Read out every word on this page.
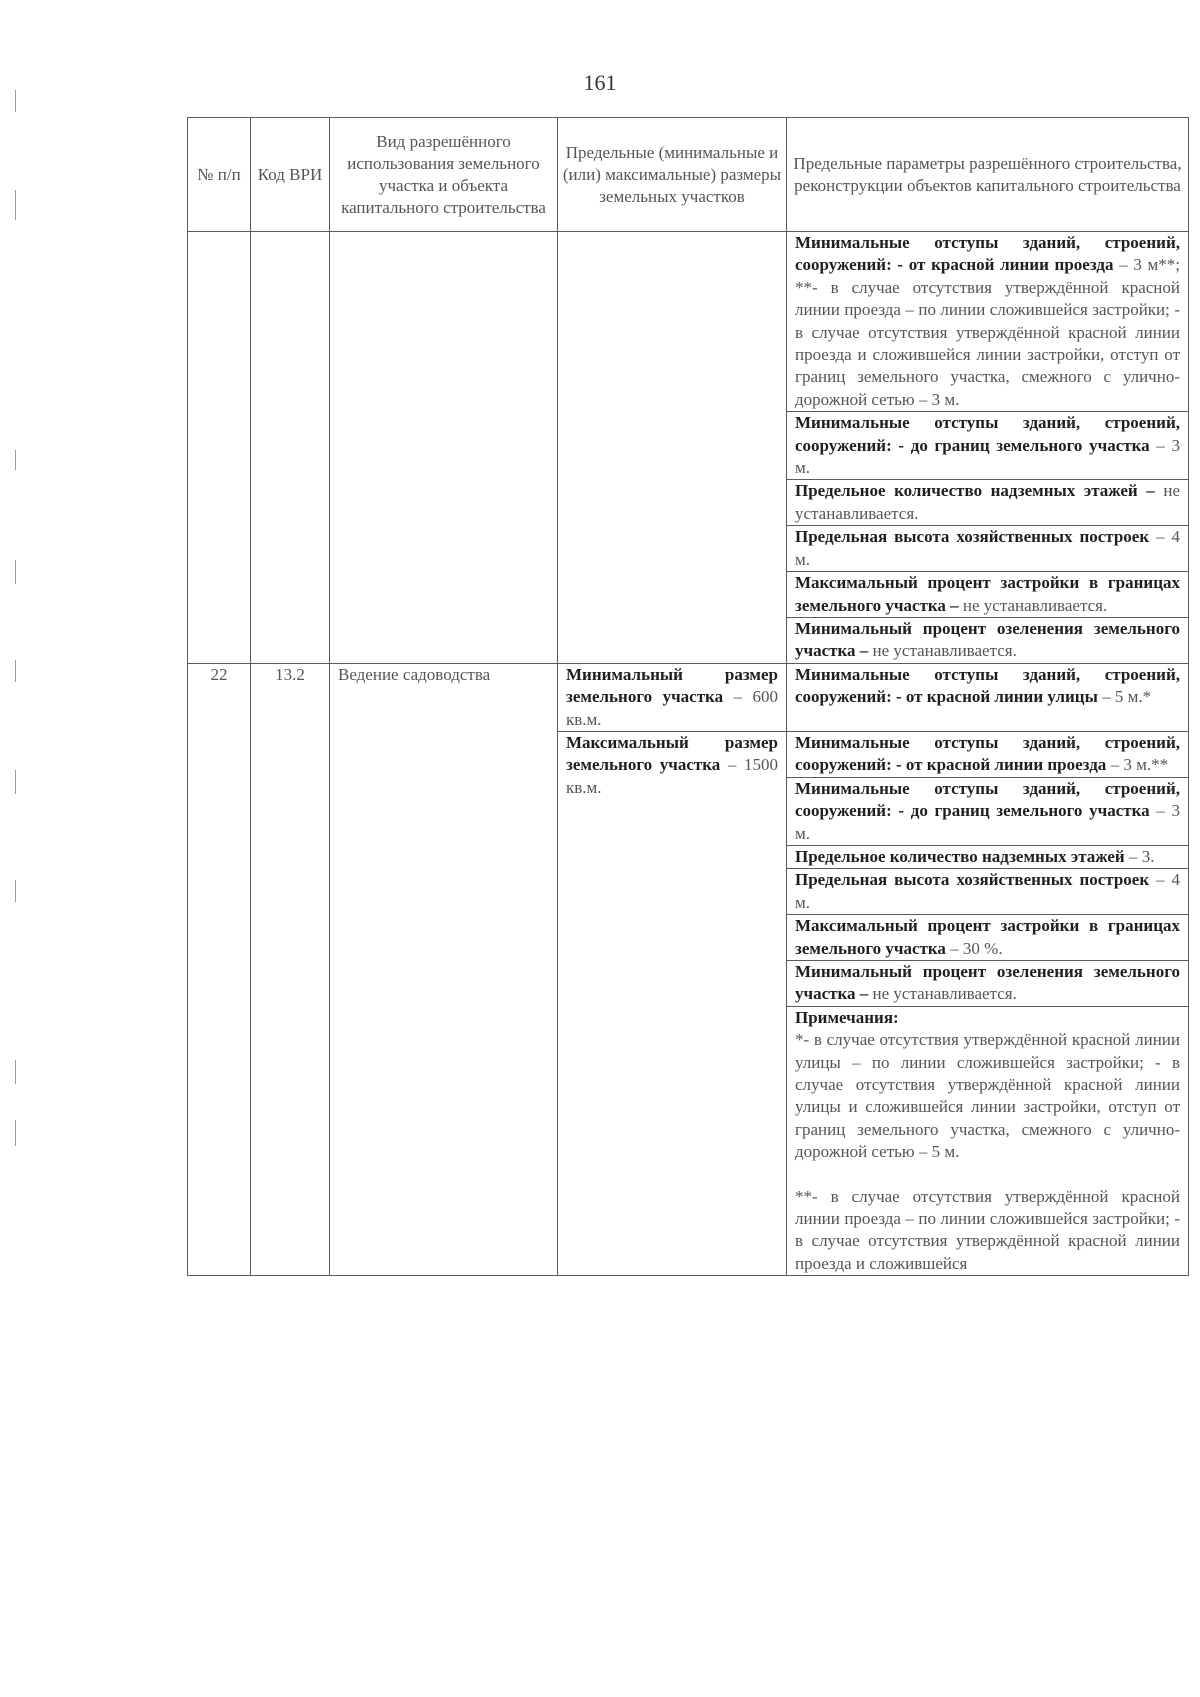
161
№ п/п	Код ВРИ	Вид разрешённого использования земельного участка и объекта капитального строительства	Предельные (минимальные и (или) максимальные) размеры земельных участков	Предельные параметры разрешённого строительства, реконструкции объектов капитального строительства
				Минимальные отступы зданий, строений, сооружений: - от красной линии проезда – 3 м**; **- в случае отсутствия утверждённой красной линии проезда – по линии сложившейся застройки; - в случае отсутствия утверждённой красной линии проезда и сложившейся линии застройки, отступ от границ земельного участка, смежного с улично-дорожной сетью – 3 м.
				Минимальные отступы зданий, строений, сооружений: - до границ земельного участка – 3 м.
				Предельное количество надземных этажей – не устанавливается.
				Предельная высота хозяйственных построек – 4 м.
				Максимальный процент застройки в границах земельного участка – не устанавливается.
				Минимальный процент озеленения земельного участка – не устанавливается.
22	13.2	Ведение садоводства	Минимальный размер земельного участка – 600 кв.м.	Минимальные отступы зданий, строений, сооружений: - от красной линии улицы – 5 м.*
			Максимальный размер земельного участка – 1500 кв.м.	Минимальные отступы зданий, строений, сооружений: - от красной линии проезда – 3 м.**
				Минимальные отступы зданий, строений, сооружений: - до границ земельного участка – 3 м.
				Предельное количество надземных этажей – 3.
				Предельная высота хозяйственных построек – 4 м.
				Максимальный процент застройки в границах земельного участка – 30 %.
				Минимальный процент озеленения земельного участка – не устанавливается.

				Примечания:
*- в случае отсутствия утверждённой красной линии улицы – по линии сложившейся застройки; - в случае отсутствия утверждённой красной линии улицы и сложившейся линии застройки, отступ от границ земельного участка, смежного с улично-дорожной сетью – 5 м.
**- в случае отсутствия утверждённой красной линии проезда – по линии сложившейся застройки; - в случае отсутствия утверждённой красной линии проезда и сложившейся
